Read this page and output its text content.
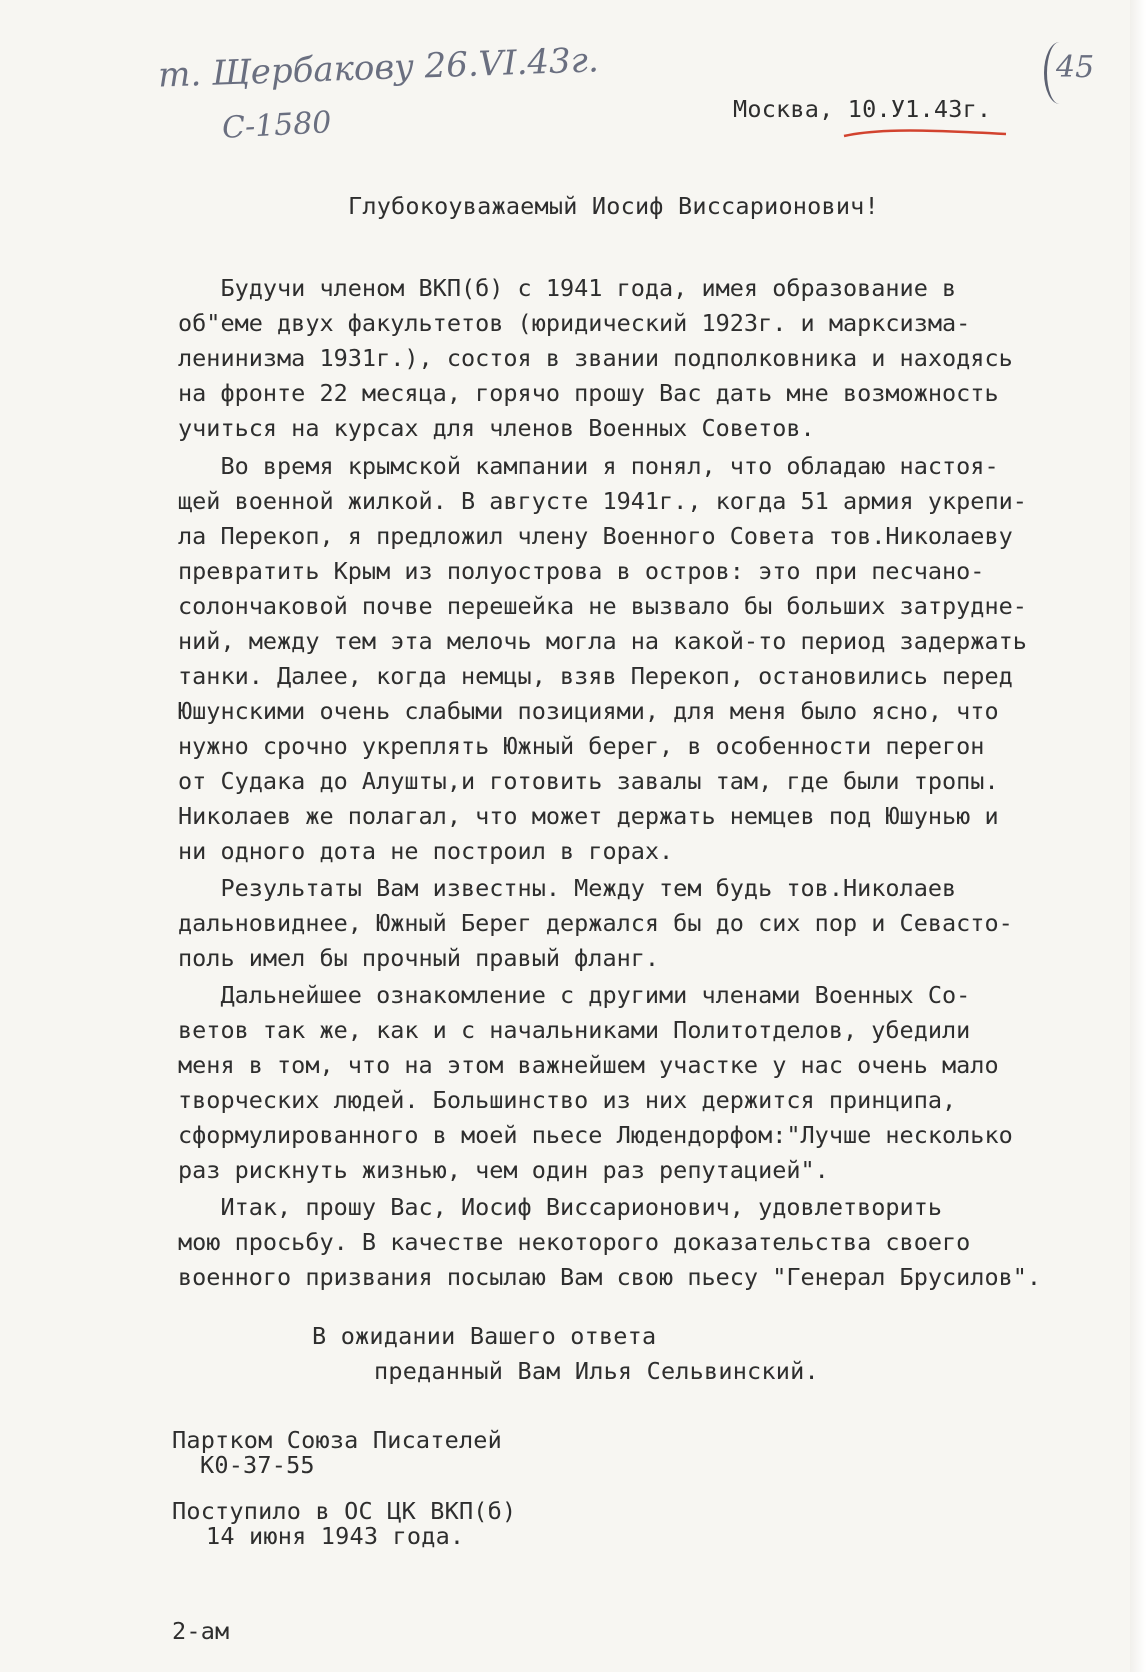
т. Щербакову 26.VI.43г.

С-1580

45

Москва, 10.У1.43г.

Глубокоуважаемый Иосиф Виссарионович!

Будучи членом ВКП(б) с 1941 года, имея образование в

об"еме двух факультетов (юридический 1923г. и марксизма-

ленинизма 1931г.), состоя в звании подполковника и находясь

на фронте 22 месяца, горячо прошу Вас дать мне возможность

учиться на курсах для членов Военных Советов.

Во время крымской кампании я понял, что обладаю настоя-

щей военной жилкой. В августе 1941г., когда 51 армия укрепи-

ла Перекоп, я предложил члену Военного Совета тов.Николаеву

превратить Крым из полуострова в остров: это при песчано-

солончаковой почве перешейка не вызвало бы больших затрудне-

ний, между тем эта мелочь могла на какой-то период задержать

танки. Далее, когда немцы, взяв Перекоп, остановились перед

Юшунскими очень слабыми позициями, для меня было ясно, что

нужно срочно укреплять Южный берег, в особенности перегон

от Судака до Алушты,и готовить завалы там, где были тропы.

Николаев же полагал, что может держать немцев под Юшунью и

ни одного дота не построил в горах.

Результаты Вам известны. Между тем будь тов.Николаев

дальновиднее, Южный Берег держался бы до сих пор и Севасто-

поль имел бы прочный правый фланг.

Дальнейшее ознакомление с другими членами Военных Со-

ветов так же, как и с начальниками Политотделов, убедили

меня в том, что на этом важнейшем участке у нас очень мало

творческих людей. Большинство из них держится принципа,

сформулированного в моей пьесе Людендорфом:"Лучше несколько

раз рискнуть жизнью, чем один раз репутацией".

Итак, прошу Вас, Иосиф Виссарионович, удовлетворить

мою просьбу. В качестве некоторого доказательства своего

военного призвания посылаю Вам свою пьесу "Генерал Брусилов".

В ожидании Вашего ответа

преданный Вам Илья Сельвинский.

Партком Союза Писателей

К0-37-55

Поступило в ОС ЦК ВКП(б)

14 июня 1943 года.

2-ам
